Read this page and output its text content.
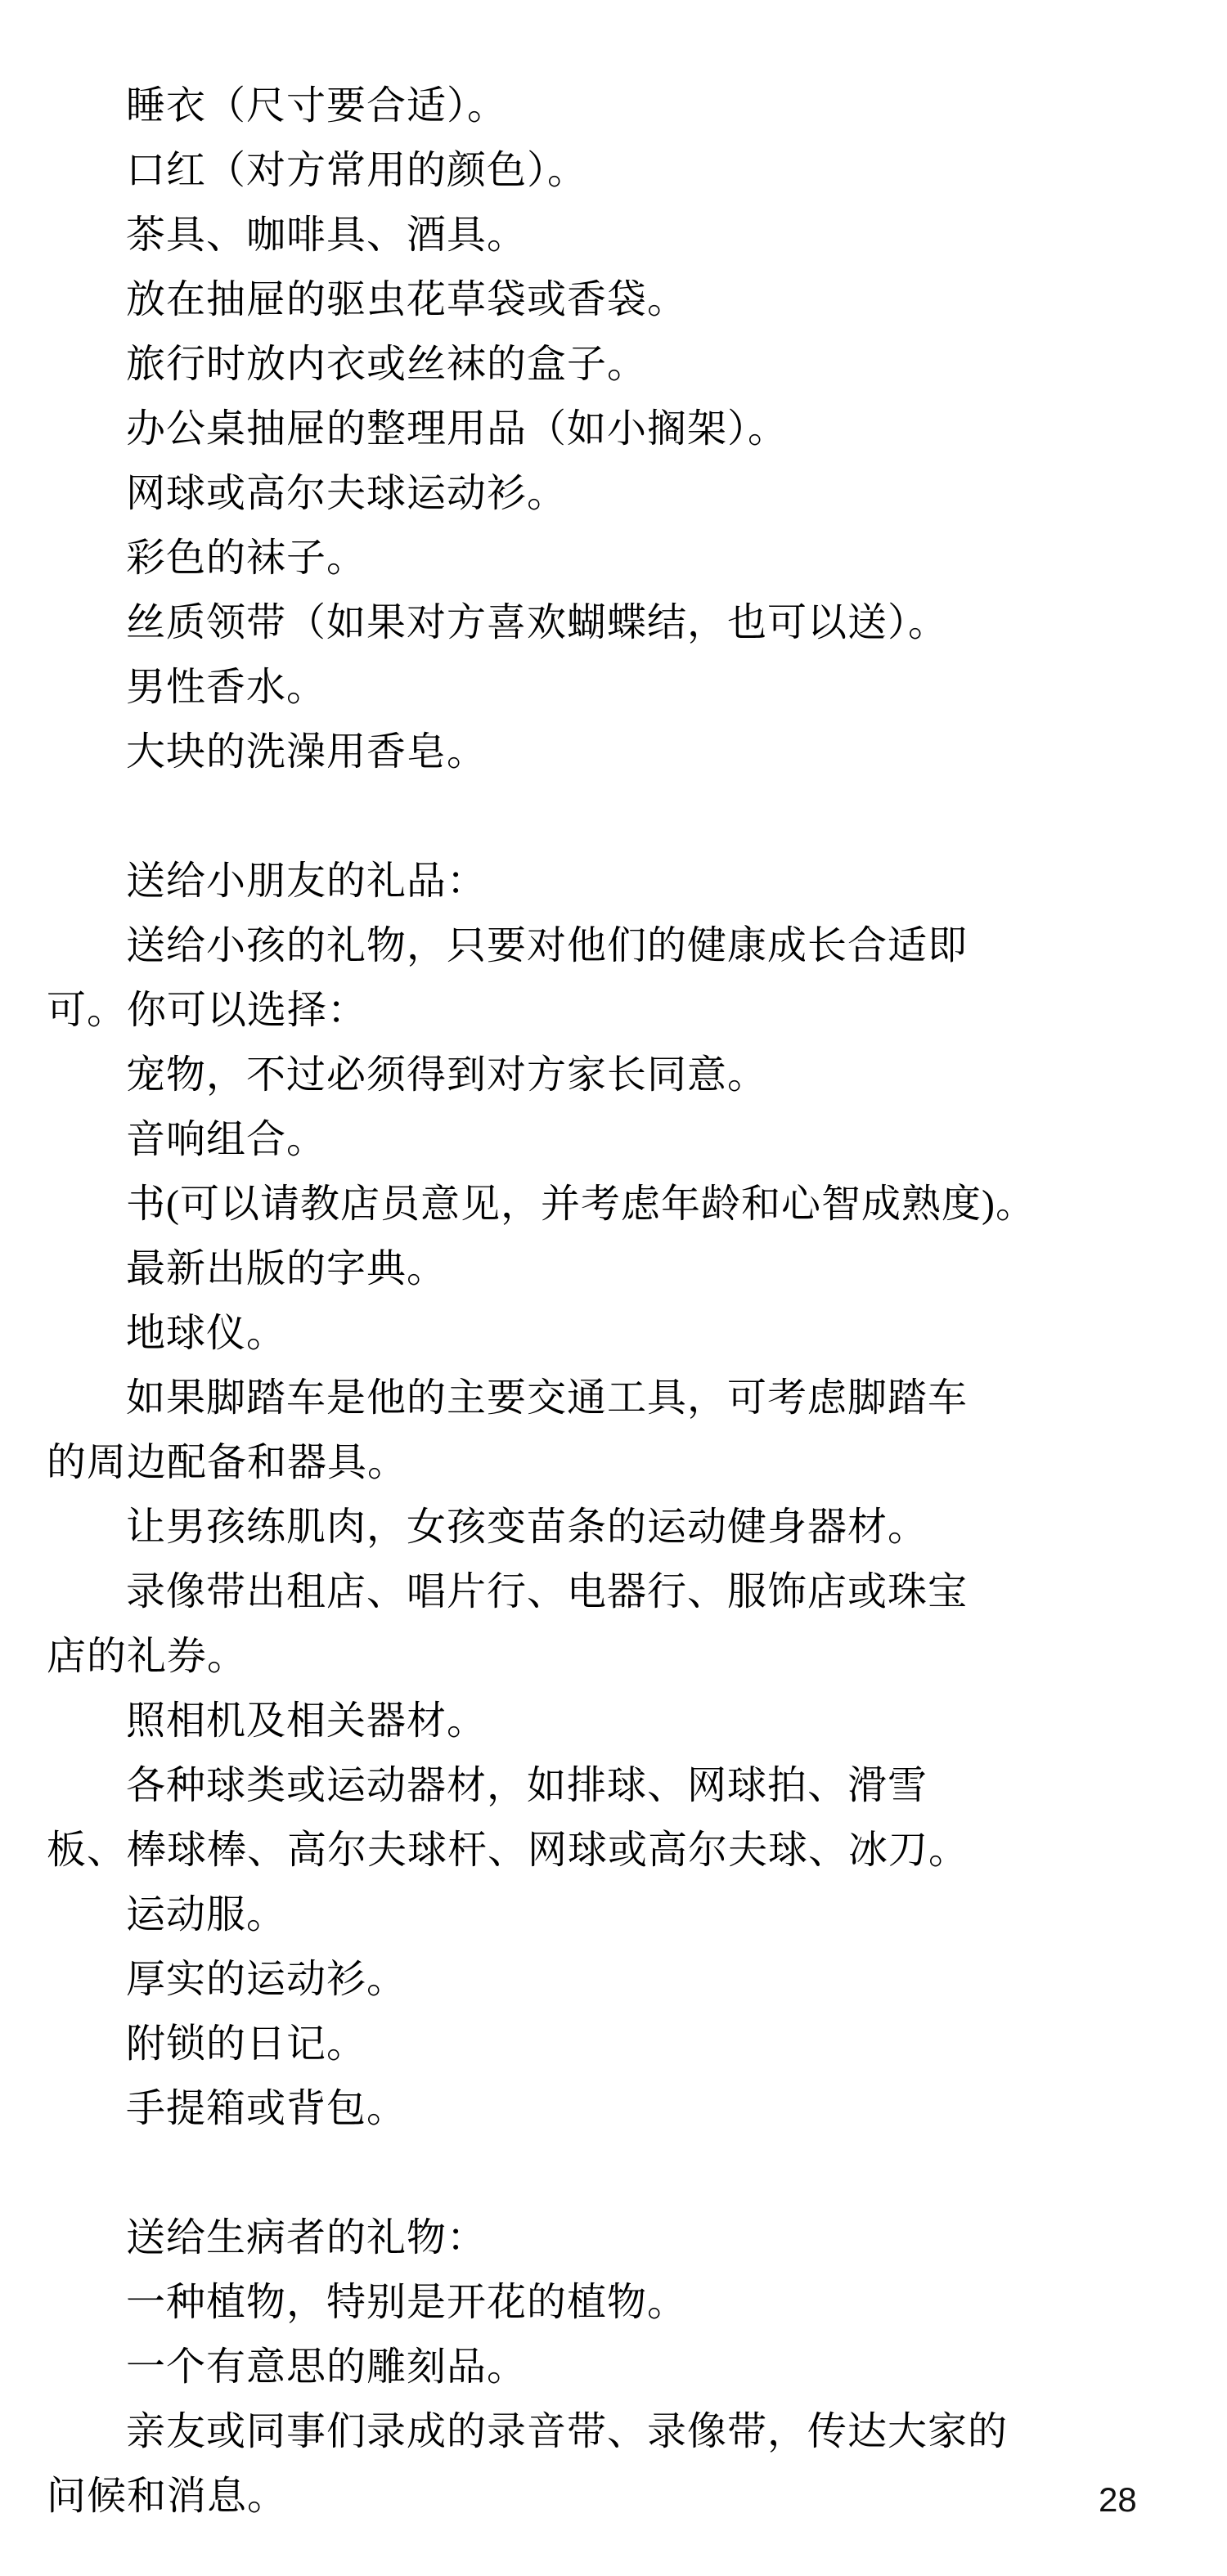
睡衣（尺寸要合适）。
口红（对方常用的颜色）。
茶具、咖啡具、酒具。
放在抽屉的驱虫花草袋或香袋。
旅行时放内衣或丝袜的盒子。
办公桌抽屉的整理用品（如小搁架）。
网球或高尔夫球运动衫。
彩色的袜子。
丝质领带（如果对方喜欢蝴蝶结，也可以送）。
男性香水。
大块的洗澡用香皂。
送给小朋友的礼品：
送给小孩的礼物，只要对他们的健康成长合适即
可。你可以选择：
宠物，不过必须得到对方家长同意。
音响组合。
书(可以请教店员意见，并考虑年龄和心智成熟度)。
最新出版的字典。
地球仪。
如果脚踏车是他的主要交通工具，可考虑脚踏车
的周边配备和器具。
让男孩练肌肉，女孩变苗条的运动健身器材。
录像带出租店、唱片行、电器行、服饰店或珠宝
店的礼券。
照相机及相关器材。
各种球类或运动器材，如排球、网球拍、滑雪
板、棒球棒、高尔夫球杆、网球或高尔夫球、冰刀。
运动服。
厚实的运动衫。
附锁的日记。
手提箱或背包。
送给生病者的礼物：
一种植物，特别是开花的植物。
一个有意思的雕刻品。
亲友或同事们录成的录音带、录像带，传达大家的
问候和消息。	28
